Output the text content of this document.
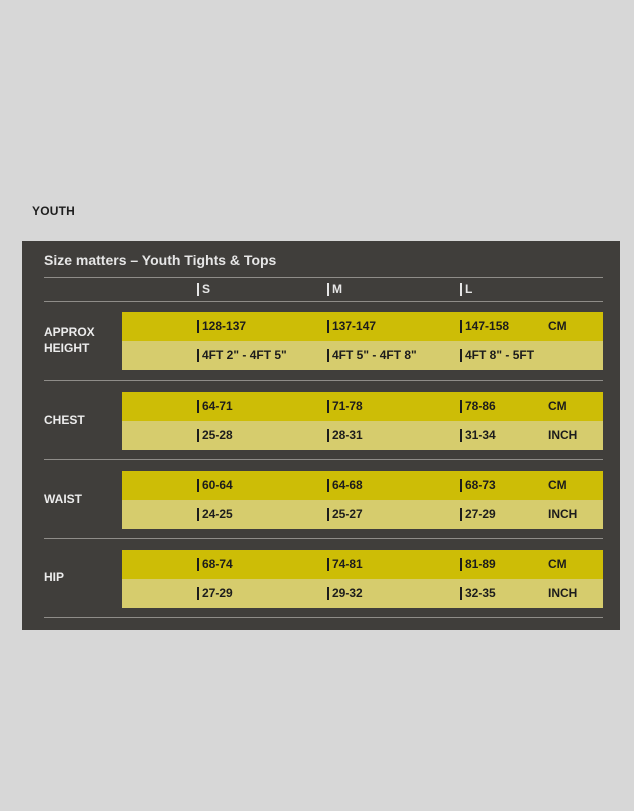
YOUTH
Size matters – Youth Tights & Tops
S	M	L
APPROX
HEIGHT
128-137	137-147	147-158	CM
4FT 2" - 4FT 5"	4FT 5" - 4FT 8"	4FT 8" - 5FT
CHEST
64-71	71-78	78-86	CM
25-28	28-31	31-34	INCH
WAIST
60-64	64-68	68-73	CM
24-25	25-27	27-29	INCH
HIP
68-74	74-81	81-89	CM
27-29	29-32	32-35	INCH
